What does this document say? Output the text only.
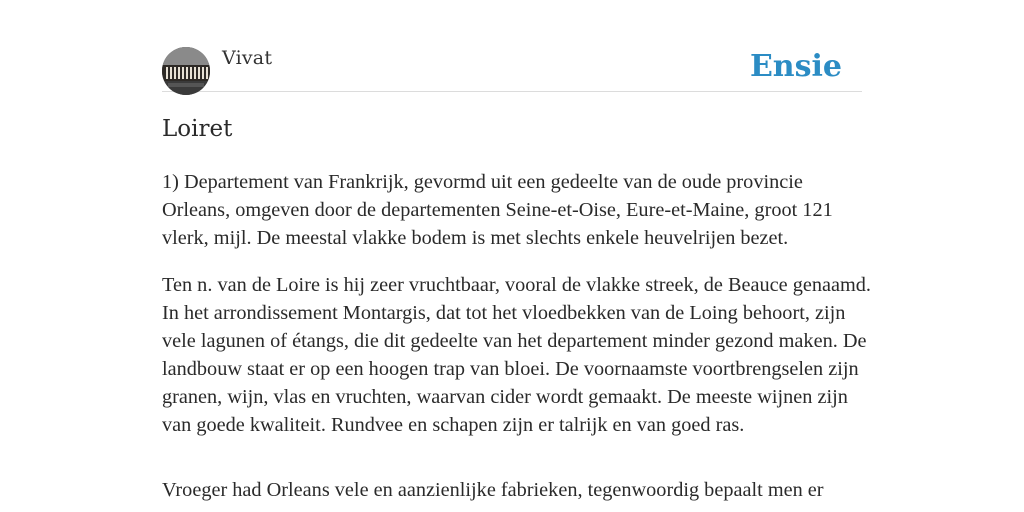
Vivat	Ensie
Loiret

1) Departement van Frankrijk, gevormd uit een gedeelte van de oude provincie Orleans, omgeven door de departementen Seine-et-Oise, Eure-et-Maine, groot 121 vlerk, mijl. De meestal vlakke bodem is met slechts enkele heuvelrijen bezet.

Ten n. van de Loire is hij zeer vruchtbaar, vooral de vlakke streek, de Beauce genaamd. In het arrondissement Montargis, dat tot het vloedbekken van de Loing behoort, zijn vele lagunen of étangs, die dit gedeelte van het departement minder gezond maken. De landbouw staat er op een hoogen trap van bloei. De voornaamste voortbrengselen zijn granen, wijn, vlas en vruchten, waarvan cider wordt gemaakt. De meeste wijnen zijn van goede kwaliteit. Rundvee en schapen zijn er talrijk en van goed ras.

Vroeger had Orleans vele en aanzienlijke fabrieken, tegenwoordig bepaalt men er
